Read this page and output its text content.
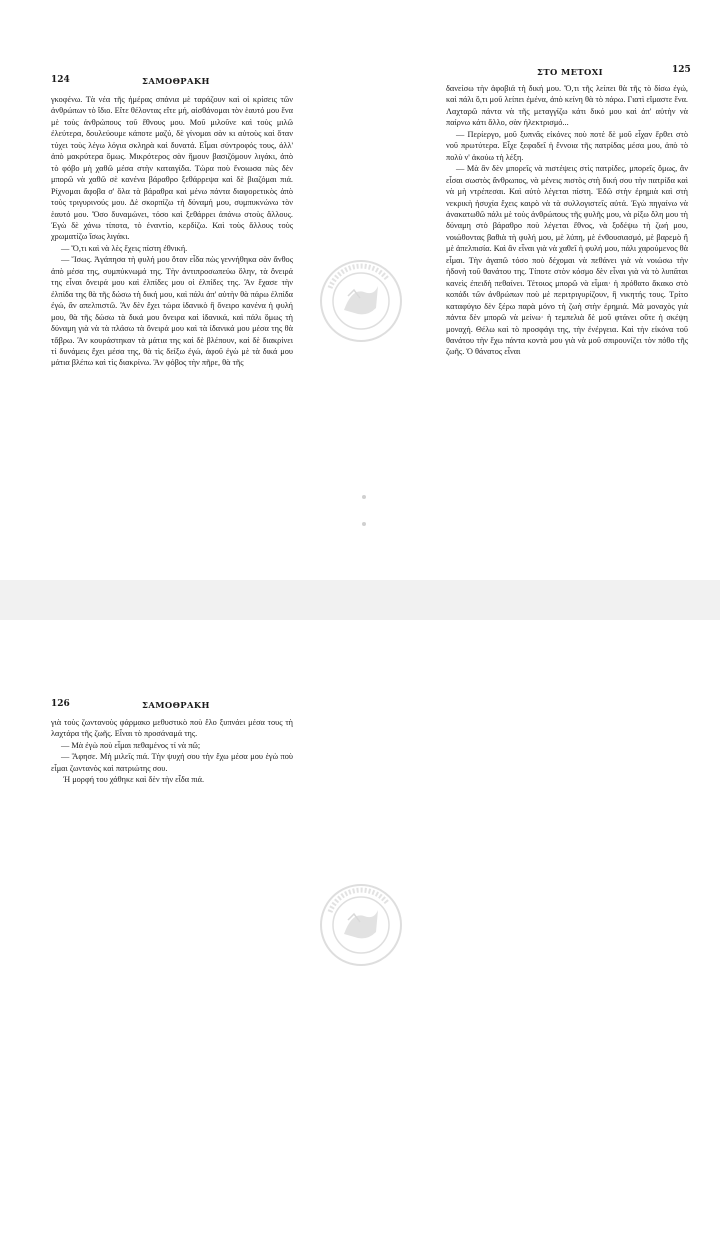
124	ΣΑΜΟΘΡΑΚΗ

γκοφένω. Τὰ νέα τῆς ἡμέρας σπάνια μὲ ταράζουν καὶ οἱ κρίσεις τῶν ἀνθρώπων τὸ ἴδιο. Εἴτε θέλοντας εἴτε μή, αἰσθάνομαι τὸν ἑαυτό μου ἕνα μὲ τοὺς ἀνθρώπους τοῦ ἔθνους μου. Μοῦ μιλοῦνε καὶ τοὺς μιλῶ ἐλεύτερα, δουλεύουμε κάποτε μαζύ, δὲ γίνομαι σὰν κι αὐτοὺς καὶ ὅταν τύχει τοὺς λέγω λόγια σκληρὰ καὶ δυνατά. Εἶμαι σύντροφός τους, ἀλλ' ἀπὸ μακρύτερα ὅμως. Μικρότερος σὰν ἥμουν βασιζόμουν λιγάκι, ἀπὸ τὸ φόβο μὴ χαθῶ μέσα στὴν καταιγίδα. Τώρα ποὺ ἔνοιωσα πὼς δὲν μπορῶ νὰ χαθῶ σὲ κανένα βάραθρο ξεθάρρεψα καὶ δὲ βιαζόμαι πιά. Ρίχνομαι ἄφοβα σ' ὅλα τὰ βάραθρα καὶ μένω πάντα διαφορετικὸς ἀπὸ τοὺς τριγυρινούς μου. Δὲ σκορπίζω τὴ δύναμή μου, συμπυκνώνω τὸν ἑαυτό μου. Ὅσο δυναμώνει, τόσο καὶ ξεθάρρει ἀπάνω στοὺς ἄλλους. Ἐγὼ δὲ χάνω τίποτα, τὸ ἐναντίο, κερδίζω. Καὶ τοὺς ἄλλους τοὺς χρωματίζω ἴσως λιγάκι.

— Ὅ,τι καὶ νὰ λὲς ἔχεις πίστη ἐθνική.

— Ἴσως. Ἀγάπησα τὴ φυλή μου ὅταν εἶδα πὼς γεννήθηκα σὰν ἄνθος ἀπὸ μέσα της, συμπύκνωμά της. Τὴν ἀντιπροσωπεύω ὅλην, τὰ ὄνειρά της εἶναι ὄνειρά μου καὶ ἐλπίδες μου οἱ ἐλπίδες της. Ἂν ἔχασε τὴν ἐλπίδα της θὰ τῆς δώσω τὴ δική μου, καὶ πάλι ἀπ' αὐτὴν θὰ πάρω ἐλπίδα ἐγώ, ἂν απελπιστῶ. Ἂν δὲν ἔχει τώρα ἰδανικὸ ἢ ὄνειρο κανένα ἡ φυλή μου, θὰ τῆς δώσω τὰ δικά μου ὄνειρα καὶ ἰδανικά, καὶ πάλι ὅμως τὴ δύναμη γιὰ νὰ τὰ πλάσω τὰ ὄνειρά μου καὶ τὰ ἰδανικά μου μέσα της θὰ τἄβρω. Ἂν κουράστηκαν τὰ μάτια της καὶ δὲ βλέπουν, καὶ δὲ διακρίνει τί δυνάμεις ἔχει μέσα της, θὰ τὶς δείξω ἐγώ, ἀφοῦ ἐγὼ μὲ τὰ δικά μου μάτια βλέπω καὶ τὶς διακρίνω. Ἂν φόβος τὴν πῆρε, θὰ τῆς

125
ΣΤΟ ΜΕΤΟΧΙ

δανείσω τὴν ἀφοβιά τὴ δική μου. Ὅ,τι τῆς λείπει θὰ τῆς τὸ δίσω ἐγώ, καὶ πάλι ὅ,τι μοῦ λείπει ἐμένα, ἀπὸ κείνη θὰ τὸ πάρω. Γιατὶ εἴμαστε ἕνα. Λαχταρῶ πάντα νὰ τῆς μεταγγίζω κάτι δικό μου καὶ ἀπ' αὐτὴν νὰ παίρνω κάτι ἄλλο, σὰν ἠλεκτρισμό...

— Περίεργο, μοῦ ξυπνᾶς εἰκόνες ποὺ ποτὲ δὲ μοῦ εἶχαν ἔρθει στὸ νοῦ πρωτύτερα. Εἶχε ξεφαδεῖ ἡ ἔννοια τῆς πατρίδας μέσα μου, ἀπὸ τὸ πολὺ ν' ἀκούω τὴ λέξη.

— Μὰ ἂν δὲν μπορεῖς νὰ πιστέψεις στὶς πατρίδες, μπορεῖς ὅμως, ἂν εἶσαι σωστὸς ἄνθρωπος, νὰ μένεις πιστὸς στὴ δική σου τὴν πατρίδα καὶ νὰ μὴ ντρέπεσαι. Καὶ αὐτὸ λέγεται πίστη. Ἐδῶ στὴν ἐρημιὰ καὶ στὴ νεκρικὴ ἡσυχία ἔχεις καιρὸ νὰ τὰ συλλογιστεῖς αὐτά. Ἐγὼ πηγαίνω νὰ ἀνακατωθῶ πάλι μὲ τοὺς ἀνθρώπους τῆς φυλῆς μου, νὰ ρίξω ὅλη μου τὴ δύναμη στὸ βάραθρο ποὺ λέγεται ἔθνος, νὰ ξοδέψω τὴ ζωή μου, νοιώθοντας βαθιὰ τὴ φυλή μου, μὲ λύπη, μὲ ἐνθουσιασμό, μὲ βαρεμὸ ἢ μὲ ἀπελπισία. Καὶ ἂν εἶναι γιὰ νὰ χαθεῖ ἡ φυλή μου, πάλι χαρούμενος θὰ εἶμαι. Τὴν ἀγαπῶ τόσο ποὺ δέχομαι νὰ πεθάνει γιὰ νὰ νοιώσω τὴν ἡδονὴ τοῦ θανάτου της. Τίποτε στὸν κόσμο δὲν εἶναι γιὰ νὰ τὸ λυπᾶται κανεὶς ἐπειδὴ πεθαίνει. Τέτοιος μπορῶ νὰ εἶμαι· ἡ πρόθατο ἄκακο στὸ κοπάδι τῶν ἀνθρώπων ποὺ μὲ περιτριγυρίζουν, ἢ νικητής τους. Τρίτο καταφύγιο δὲν ξέρω παρὰ μόνο τὴ ζωὴ στὴν ἐρημιά. Μὰ μοναχὸς γιὰ πάντα δὲν μπορῶ νὰ μείνω· ἡ τεμπελιὰ δὲ μοῦ φτάνει οὔτε ἡ σκέψη μοναχή. Θέλω καὶ τὸ προσφάγι της, τὴν ἐνέργεια. Καὶ τὴν εἰκόνα τοῦ θανάτου τὴν ἔχω πάντα κοντὰ μου γιὰ νὰ μοῦ σπιρουνίζει τὸν πόθο τῆς ζωῆς. Ὁ θάνατος εἶναι

126	ΣΑΜΟΘΡΑΚΗ

γιὰ τοὺς ζωντανοὺς φάρμακο μεθυστικὸ ποὺ ἔλο ξυπνάει μέσα τους τὴ λαχτάρα τῆς ζωῆς. Εἶναι τὸ προσάναμά της.

— Μὰ ἐγὼ ποὺ εἶμαι πεθαμένος τί νὰ πῶ;

— Ἄφησε. Μὴ μιλεῖς πιά. Τὴν ψυχή σου τὴν ἔχω μέσα μου ἐγὼ ποὺ εἶμαι ζωντανὸς καὶ πατριώτης σου.

Ἡ μορφή του χάθηκε καὶ δὲν τὴν εἶδα πιά.
